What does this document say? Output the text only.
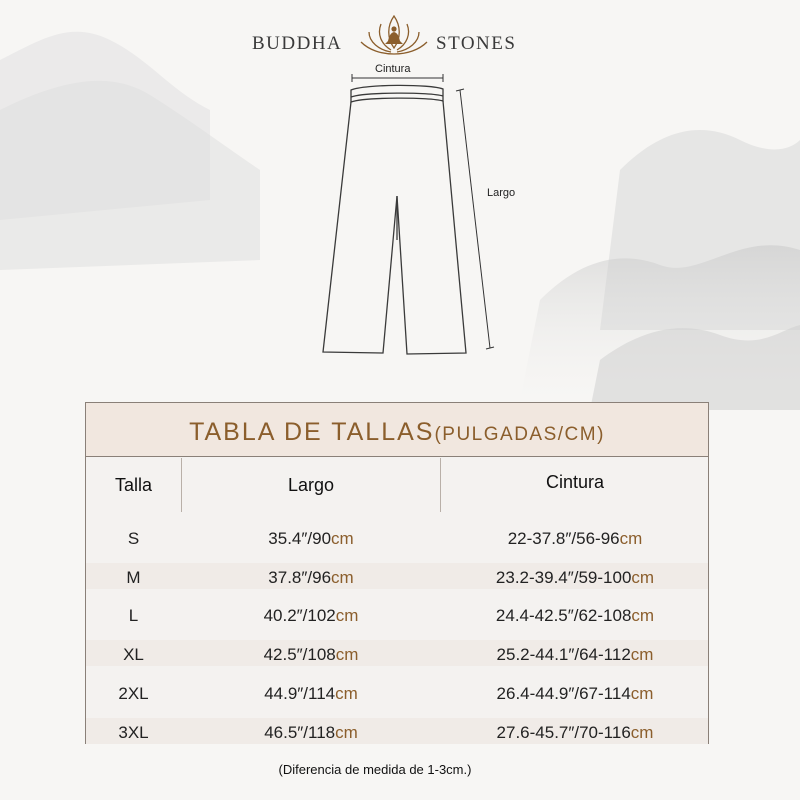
BUDDHA	STONES
Cintura
Largo
TABLA DE TALLAS(PULGADAS/CM)
Talla	Largo	Cintura
S	35.4″/90cm	22-37.8″/56-96cm
M	37.8″/96cm	23.2-39.4″/59-100cm
L	40.2″/102cm	24.4-42.5″/62-108cm
XL	42.5″/108cm	25.2-44.1″/64-112cm
2XL	44.9″/114cm	26.4-44.9″/67-114cm
3XL	46.5″/118cm	27.6-45.7″/70-116cm
(Diferencia de medida de 1-3cm.)
